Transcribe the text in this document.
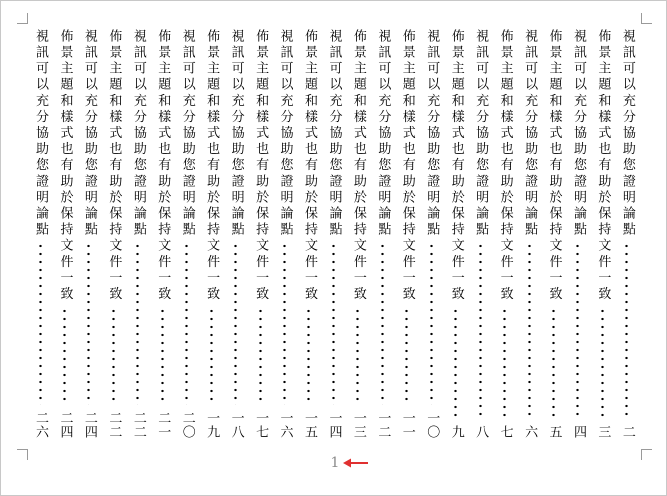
視訊可以充分協助您證明論點
二
佈景主題和樣式也有助於保持文件一致
三
視訊可以充分協助您證明論點
四
佈景主題和樣式也有助於保持文件一致
五
視訊可以充分協助您證明論點
六
佈景主題和樣式也有助於保持文件一致
七
視訊可以充分協助您證明論點
八
佈景主題和樣式也有助於保持文件一致
九
視訊可以充分協助您證明論點
一〇
佈景主題和樣式也有助於保持文件一致
一一
視訊可以充分協助您證明論點
一二
佈景主題和樣式也有助於保持文件一致
一三
視訊可以充分協助您證明論點
一四
佈景主題和樣式也有助於保持文件一致
一五
視訊可以充分協助您證明論點
一六
佈景主題和樣式也有助於保持文件一致
一七
視訊可以充分協助您證明論點
一八
佈景主題和樣式也有助於保持文件一致
一九
視訊可以充分協助您證明論點
二〇
佈景主題和樣式也有助於保持文件一致
二一
視訊可以充分協助您證明論點
二二
佈景主題和樣式也有助於保持文件一致
二二
視訊可以充分協助您證明論點
二四
佈景主題和樣式也有助於保持文件一致
二四
視訊可以充分協助您證明論點
二六
1
